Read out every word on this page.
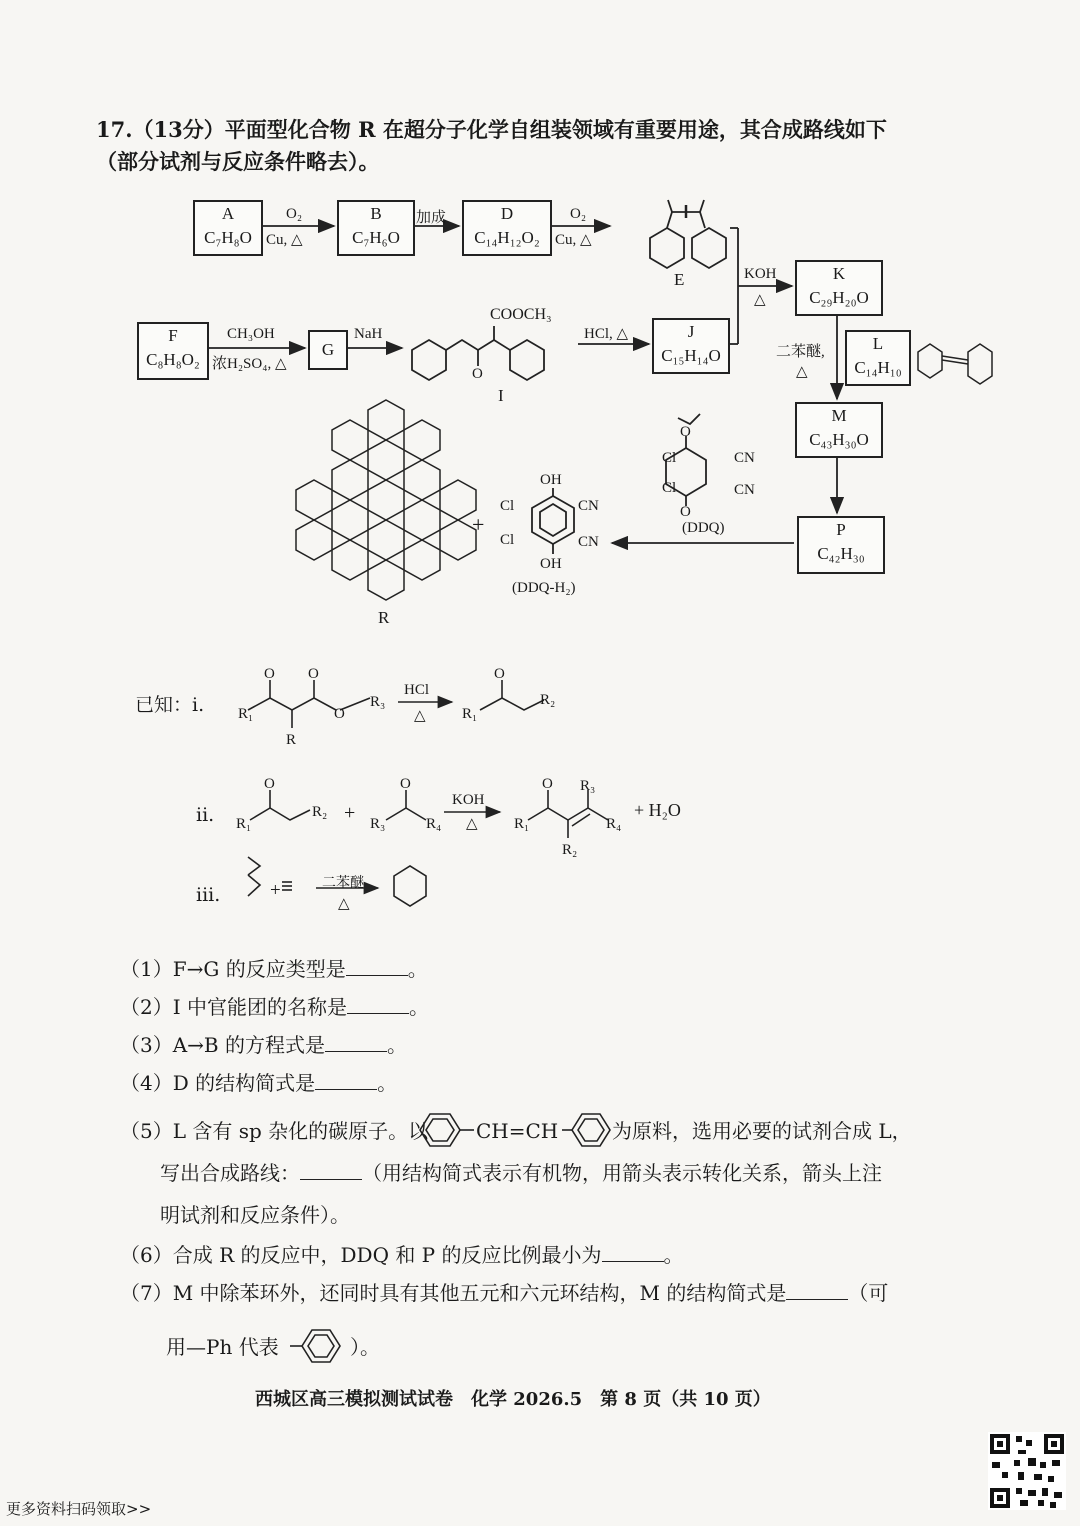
17.（13分）平面型化合物 R 在超分子化学自组装领域有重要用途，其合成路线如下（部分试剂与反应条件略去）。
A
C₇H₈O
B
C₇H₆O
D
C₁₄H₁₂O₂
F
C₈H₈O₂
G
J
C₁₅H₁₄O
K
C₂₉H₂₀O
L
C₁₄H₁₀
M
C₄₃H₃₀O
P
C₄₂H₃₀
O₂
Cu, △
加成	O₂
Cu, △
E
CH₃OH
浓H₂SO₄, △
NaH
COOCH₃
O
I
HCl, △
KOH
△
二苯醚,
△
O
Cl
Cl
CN
CN
O
(DDQ)
OH
Cl
Cl
CN
CN
OH
(DDQ-H₂)
+
R
已知：i. R₁
O O
R
O
R₃
HCl
△ R₁
O
R₂
ii. R₁
O
R₂ + R₃
O
R₄
KOH
△ R₁
O R₃
R₄
R₂
+ H₂O
iii.	+	二苯醚
△
（1）F→G 的反应类型是	。
（2）I 中官能团的名称是	。
（3）A→B 的方程式是	。
（4）D 的结构简式是	。
（5）L 含有 sp 杂化的碳原子。以 CH=CH	为原料，选用必要的试剂合成 L，
写出合成路线：	（用结构简式表示有机物，用箭头表示转化关系，箭头上注
明试剂和反应条件）。
（6）合成 R 的反应中，DDQ 和 P 的反应比例最小为	。
（7）M 中除苯环外，还同时具有其他五元和六元环结构，M 的结构简式是	（可
用—Ph 代表	）。
西城区高三模拟测试试卷　化学 2026.5　第 8 页（共 10 页）
更多资料扫码领取>>
